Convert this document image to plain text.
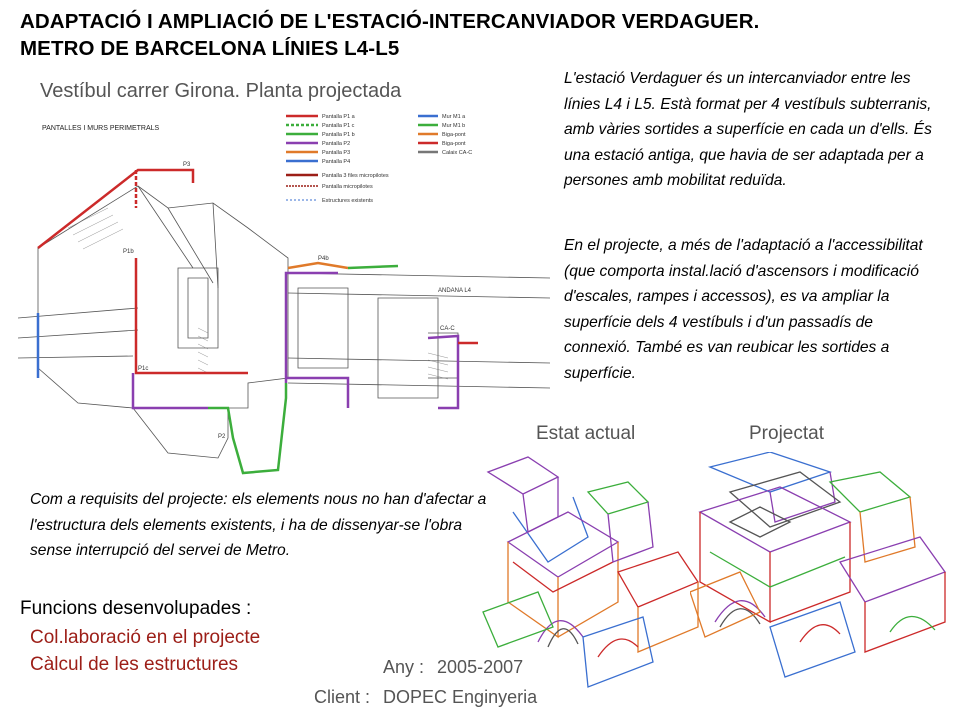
ADAPTACIÓ I AMPLIACIÓ DE L'ESTACIÓ-INTERCANVIADOR VERDAGUER.
METRO DE BARCELONA LÍNIES L4-L5
Vestíbul carrer Girona. Planta projectada
PANTALLES I MURS PERIMETRALS
Pantalla P1 a
Pantalla P1 c
Pantalla P1 b
Pantalla P2
Pantalla P3
Pantalla P4
Pantalla 3 files micropilotes
Pantalla micropilotes
Estructures existents
Mur M1 a
Mur M1 b
Biga-pont
Biga-pont
Calaix CA-C
P3
P1b
P4b
P1c
CA-C
ANDANA L4
P2
L'estació Verdaguer és un intercanviador entre les línies L4 i L5. Està format per 4 vestíbuls subterranis, amb vàries sortides a superfície en cada un d'ells. És una estació antiga, que havia de ser adaptada per a persones amb mobilitat reduïda.
En el projecte, a més de l'adaptació a l'accessibilitat (que comporta instal.lació d'ascensors i modificació d'escales, rampes i accessos), es va ampliar la superfície dels 4 vestíbuls i d'un passadís de connexió. També es van reubicar les sortides a superfície.
Com a requisits del projecte: els elements nous no han d'afectar a l'estructura dels elements existents, i ha de dissenyar-se l'obra sense interrupció del servei de Metro.
Estat actual	Projectat
Funcions desenvolupades :
Col.laboració en el projecte
Càlcul de les estructures	Any : 2005-2007
Client : DOPEC Enginyeria
